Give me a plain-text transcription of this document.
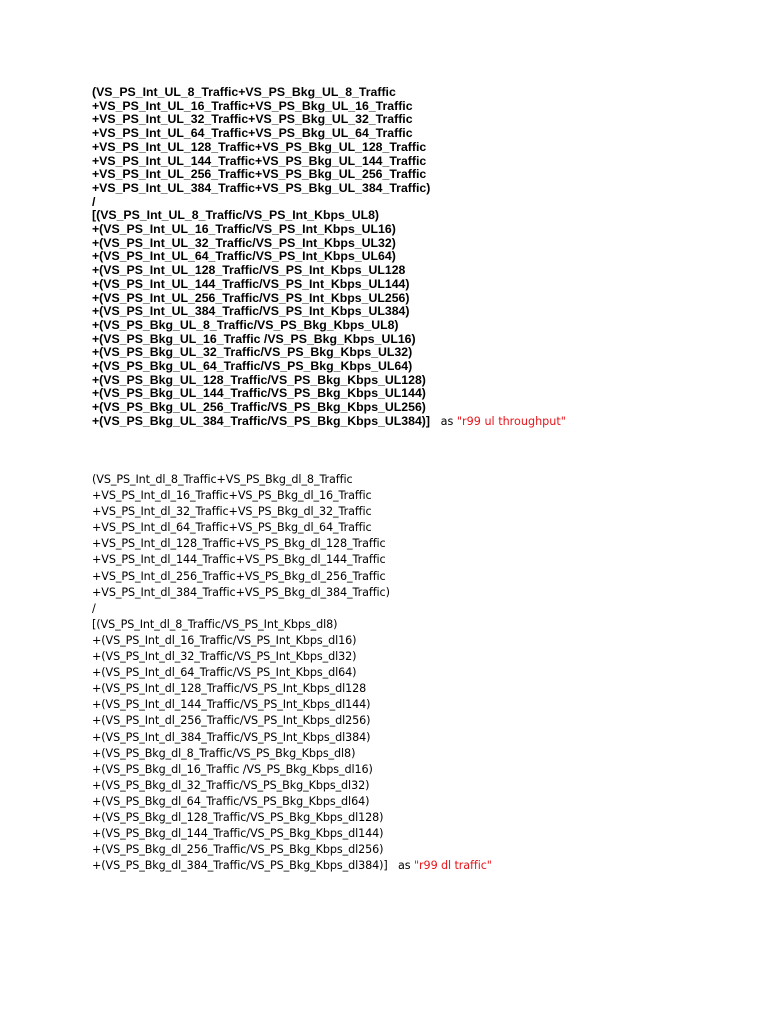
(VS_PS_Int_UL_8_Traffic+VS_PS_Bkg_UL_8_Traffic
+VS_PS_Int_UL_16_Traffic+VS_PS_Bkg_UL_16_Traffic
+VS_PS_Int_UL_32_Traffic+VS_PS_Bkg_UL_32_Traffic
+VS_PS_Int_UL_64_Traffic+VS_PS_Bkg_UL_64_Traffic
+VS_PS_Int_UL_128_Traffic+VS_PS_Bkg_UL_128_Traffic
+VS_PS_Int_UL_144_Traffic+VS_PS_Bkg_UL_144_Traffic
+VS_PS_Int_UL_256_Traffic+VS_PS_Bkg_UL_256_Traffic
+VS_PS_Int_UL_384_Traffic+VS_PS_Bkg_UL_384_Traffic)
/
[(VS_PS_Int_UL_8_Traffic/VS_PS_Int_Kbps_UL8)
+(VS_PS_Int_UL_16_Traffic/VS_PS_Int_Kbps_UL16)
+(VS_PS_Int_UL_32_Traffic/VS_PS_Int_Kbps_UL32)
+(VS_PS_Int_UL_64_Traffic/VS_PS_Int_Kbps_UL64)
+(VS_PS_Int_UL_128_Traffic/VS_PS_Int_Kbps_UL128
+(VS_PS_Int_UL_144_Traffic/VS_PS_Int_Kbps_UL144)
+(VS_PS_Int_UL_256_Traffic/VS_PS_Int_Kbps_UL256)
+(VS_PS_Int_UL_384_Traffic/VS_PS_Int_Kbps_UL384)
+(VS_PS_Bkg_UL_8_Traffic/VS_PS_Bkg_Kbps_UL8)
+(VS_PS_Bkg_UL_16_Traffic /VS_PS_Bkg_Kbps_UL16)
+(VS_PS_Bkg_UL_32_Traffic/VS_PS_Bkg_Kbps_UL32)
+(VS_PS_Bkg_UL_64_Traffic/VS_PS_Bkg_Kbps_UL64)
+(VS_PS_Bkg_UL_128_Traffic/VS_PS_Bkg_Kbps_UL128)
+(VS_PS_Bkg_UL_144_Traffic/VS_PS_Bkg_Kbps_UL144)
+(VS_PS_Bkg_UL_256_Traffic/VS_PS_Bkg_Kbps_UL256)
+(VS_PS_Bkg_UL_384_Traffic/VS_PS_Bkg_Kbps_UL384)] as "r99 ul throughput"
(VS_PS_Int_dl_8_Traffic+VS_PS_Bkg_dl_8_Traffic
+VS_PS_Int_dl_16_Traffic+VS_PS_Bkg_dl_16_Traffic
+VS_PS_Int_dl_32_Traffic+VS_PS_Bkg_dl_32_Traffic
+VS_PS_Int_dl_64_Traffic+VS_PS_Bkg_dl_64_Traffic
+VS_PS_Int_dl_128_Traffic+VS_PS_Bkg_dl_128_Traffic
+VS_PS_Int_dl_144_Traffic+VS_PS_Bkg_dl_144_Traffic
+VS_PS_Int_dl_256_Traffic+VS_PS_Bkg_dl_256_Traffic
+VS_PS_Int_dl_384_Traffic+VS_PS_Bkg_dl_384_Traffic)
/
[(VS_PS_Int_dl_8_Traffic/VS_PS_Int_Kbps_dl8)
+(VS_PS_Int_dl_16_Traffic/VS_PS_Int_Kbps_dl16)
+(VS_PS_Int_dl_32_Traffic/VS_PS_Int_Kbps_dl32)
+(VS_PS_Int_dl_64_Traffic/VS_PS_Int_Kbps_dl64)
+(VS_PS_Int_dl_128_Traffic/VS_PS_Int_Kbps_dl128
+(VS_PS_Int_dl_144_Traffic/VS_PS_Int_Kbps_dl144)
+(VS_PS_Int_dl_256_Traffic/VS_PS_Int_Kbps_dl256)
+(VS_PS_Int_dl_384_Traffic/VS_PS_Int_Kbps_dl384)
+(VS_PS_Bkg_dl_8_Traffic/VS_PS_Bkg_Kbps_dl8)
+(VS_PS_Bkg_dl_16_Traffic /VS_PS_Bkg_Kbps_dl16)
+(VS_PS_Bkg_dl_32_Traffic/VS_PS_Bkg_Kbps_dl32)
+(VS_PS_Bkg_dl_64_Traffic/VS_PS_Bkg_Kbps_dl64)
+(VS_PS_Bkg_dl_128_Traffic/VS_PS_Bkg_Kbps_dl128)
+(VS_PS_Bkg_dl_144_Traffic/VS_PS_Bkg_Kbps_dl144)
+(VS_PS_Bkg_dl_256_Traffic/VS_PS_Bkg_Kbps_dl256)
+(VS_PS_Bkg_dl_384_Traffic/VS_PS_Bkg_Kbps_dl384)] as "r99 dl traffic"
